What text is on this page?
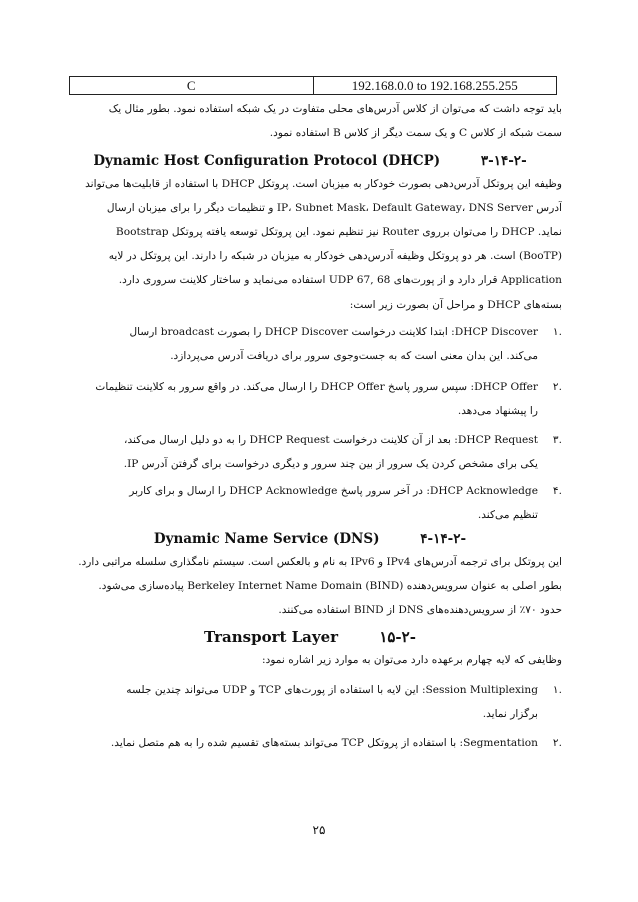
C	192.168.0.0 to 192.168.255.255
باید توجه داشت که می‌توان از کلاس آدرس‌های محلی متفاوت در یک شبکه استفاده نمود. بطور مثال یک
سمت شبکه از کلاس C و یک سمت دیگر از کلاس B استفاده نمود.
-۳-۱۴-۲ Dynamic Host Configuration Protocol (DHCP)
وظیفه این پروتکل آدرس‌دهی بصورت خودکار به میزبان است. پروتکل DHCP با استفاده از قابلیت‌ها می‌تواند
آدرس IP، Subnet Mask، Default Gateway، DNS Server و تنظیمات دیگر را برای میزبان ارسال
نماید. DHCP را می‌توان برروی Router نیز تنظیم نمود. این پروتکل توسعه یافته پروتکل Bootstrap
(BooTP) است. هر دو پروتکل وظیفه آدرس‌دهی خودکار به میزبان در شبکه را دارند. این پروتکل در لایه
Application قرار دارد و از پورت‌های UDP 67, 68 استفاده می‌نماید و ساختار کلاینت سروری دارد.
بسته‌های DHCP و مراحل آن بصورت زیر است:
.۱
DHCP Discover: ابتدا کلاینت درخواست DHCP Discover را بصورت broadcast ارسال
می‌کند. این بدان معنی است که به جست‌وجوی سرور برای دریافت آدرس می‌پردازد.
.۲
DHCP Offer: سپس سرور پاسخ DHCP Offer را ارسال می‌کند. در واقع سرور به کلاینت تنظیمات
را پیشنهاد می‌دهد.
.۳
DHCP Request: بعد از آن کلاینت درخواست DHCP Request را به دو دلیل ارسال می‌کند،
یکی برای مشخص کردن یک سرور از بین چند سرور و دیگری درخواست برای گرفتن آدرس IP.
.۴
DHCP Acknowledge: در آخر سرور پاسخ DHCP Acknowledge را ارسال و برای کاربر
تنظیم می‌کند.
-۴-۱۴-۲ Dynamic Name Service (DNS)
این پروتکل برای ترجمه آدرس‌های IPv4 و IPv6 به نام و بالعکس است. سیستم نامگذاری سلسله مراتبی دارد.
بطور اصلی به عنوان سرویس‌دهنده Berkeley Internet Name Domain (BIND) پیاده‌سازی می‌شود.
حدود ۷۰٪ از سرویس‌دهنده‌های DNS از BIND استفاده می‌کنند.
-۱۵-۲ Transport Layer
وظایفی که لایه چهارم برعهده دارد می‌توان به موارد زیر اشاره نمود:
.۱
Session Multiplexing: این لایه با استفاده از پورت‌های TCP و UDP می‌تواند چندین جلسه
برگزار نماید.
.۲
Segmentation: با استفاده از پروتکل TCP می‌تواند بسته‌های تقسیم شده را به هم متصل نماید.
۲۵
